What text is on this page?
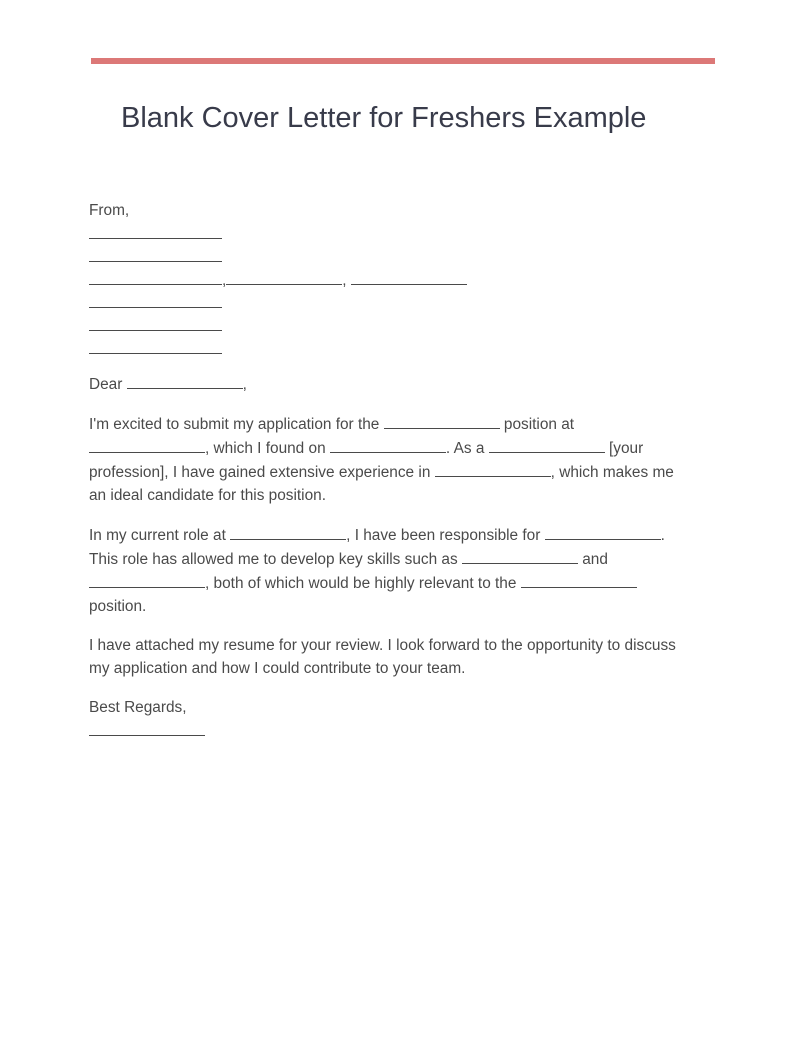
Blank Cover Letter for Freshers Example
From,
,	,
Dear	,

I'm excited to submit my application for the	position at , which I found on	. As a	[your profession], I have gained extensive experience in	, which makes me an ideal candidate for this position.

In my current role at	, I have been responsible for	. This role has allowed me to develop key skills such as	and , both of which would be highly relevant to the  position.

I have attached my resume for your review. I look forward to the opportunity to discuss my application and how I could contribute to your team.

Best Regards,
